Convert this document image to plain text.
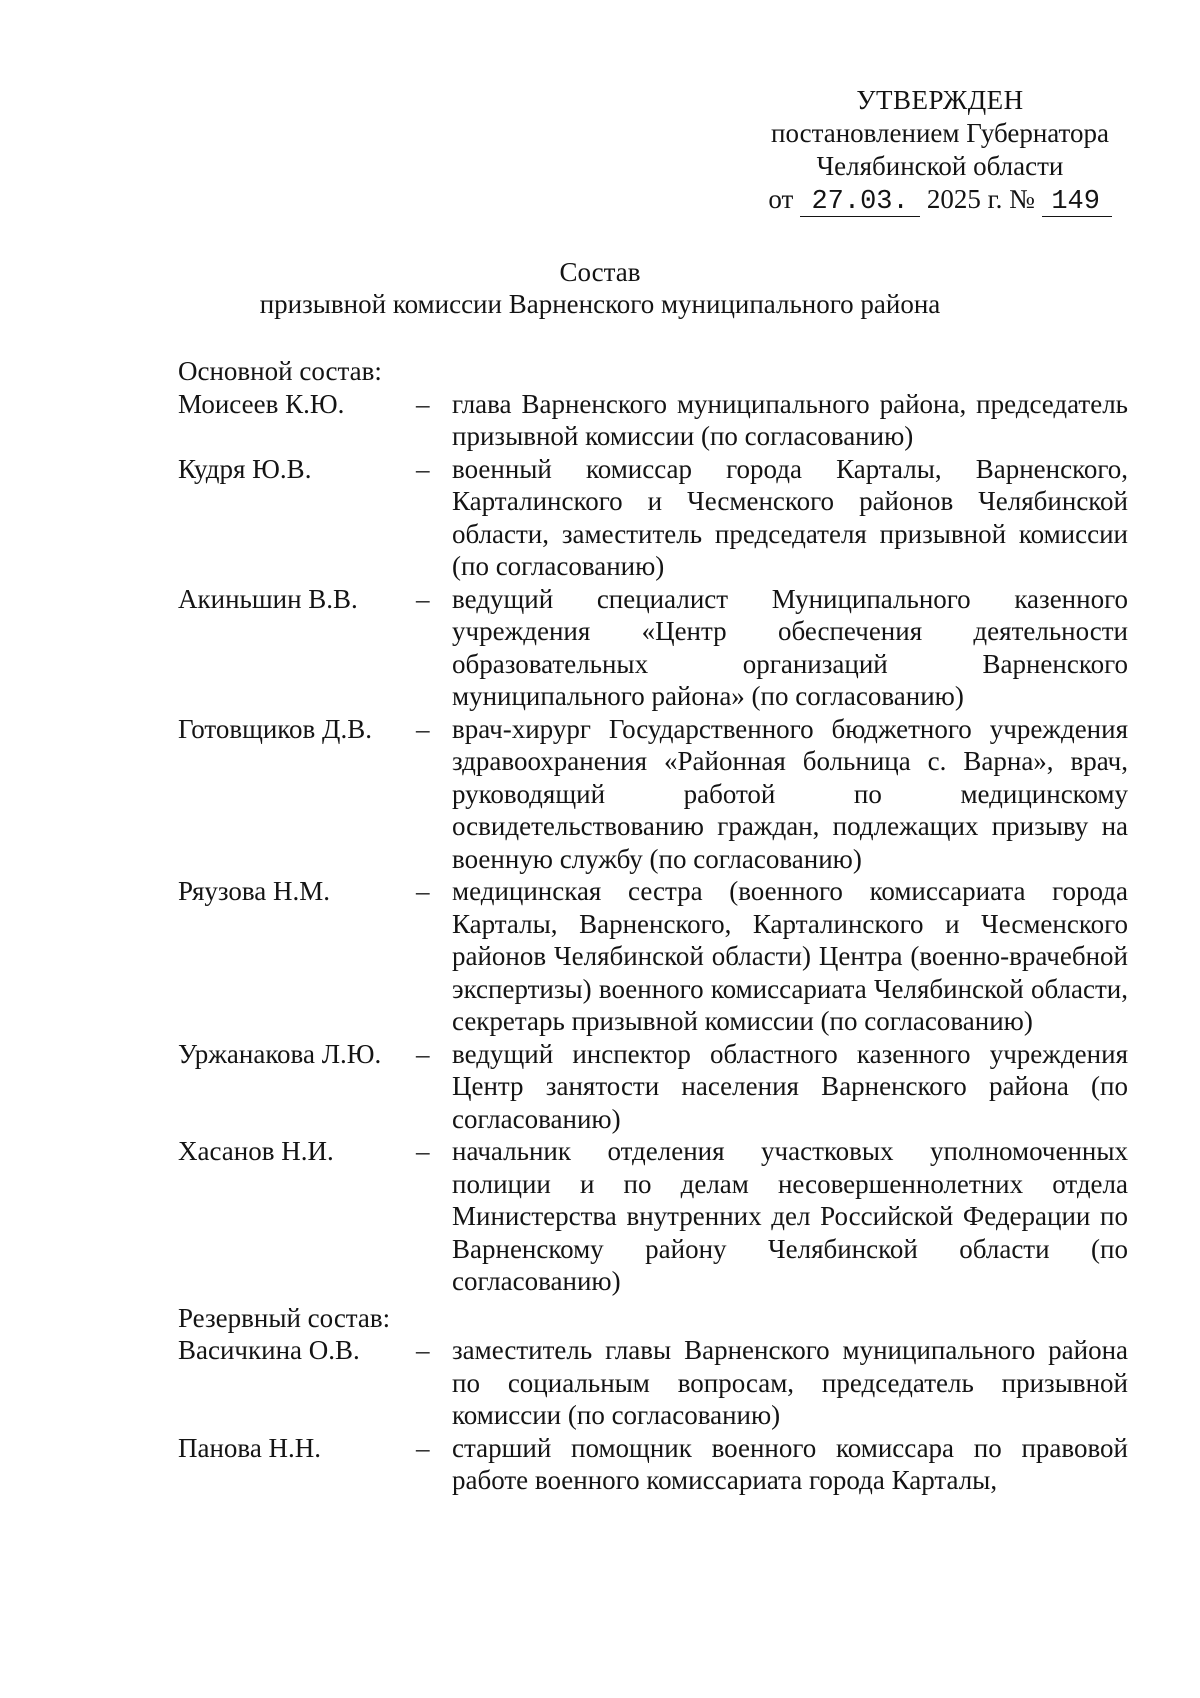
УТВЕРЖДЕН
постановлением Губернатора
Челябинской области
от 27.03. 2025 г. № 149
Состав
призывной комиссии Варненского муниципального района
Основной состав:
Моисеев К.Ю.	– глава Варненского муниципального района, председатель призывной комиссии (по согласованию)
Кудря Ю.В.	– военный комиссар города Карталы, Варненского, Карталинского и Чесменского районов Челябинской области, заместитель председателя призывной комиссии (по согласованию)
Акиньшин В.В.	– ведущий специалист Муниципального казенного учреждения «Центр обеспечения деятельности образовательных организаций Варненского муниципального района» (по согласованию)
Готовщиков Д.В.	– врач-хирург Государственного бюджетного учреждения здравоохранения «Районная больница с. Варна», врач, руководящий работой по медицинскому освидетельствованию граждан, подлежащих призыву на военную службу (по согласованию)
Ряузова Н.М.	– медицинская сестра (военного комиссариата города Карталы, Варненского, Карталинского и Чесменского районов Челябинской области) Центра (военно-врачебной экспертизы) военного комиссариата Челябинской области, секретарь призывной комиссии (по согласованию)
Уржанакова Л.Ю.	– ведущий инспектор областного казенного учреждения Центр занятости населения Варненского района (по согласованию)
Хасанов Н.И.	– начальник отделения участковых уполномоченных полиции и по делам несовершеннолетних отдела Министерства внутренних дел Российской Федерации по Варненскому району Челябинской области (по согласованию)
Резервный состав:
Васичкина О.В.	– заместитель главы Варненского муниципального района по социальным вопросам, председатель призывной комиссии (по согласованию)
Панова Н.Н.	– старший помощник военного комиссара по правовой работе военного комиссариата города Карталы,
